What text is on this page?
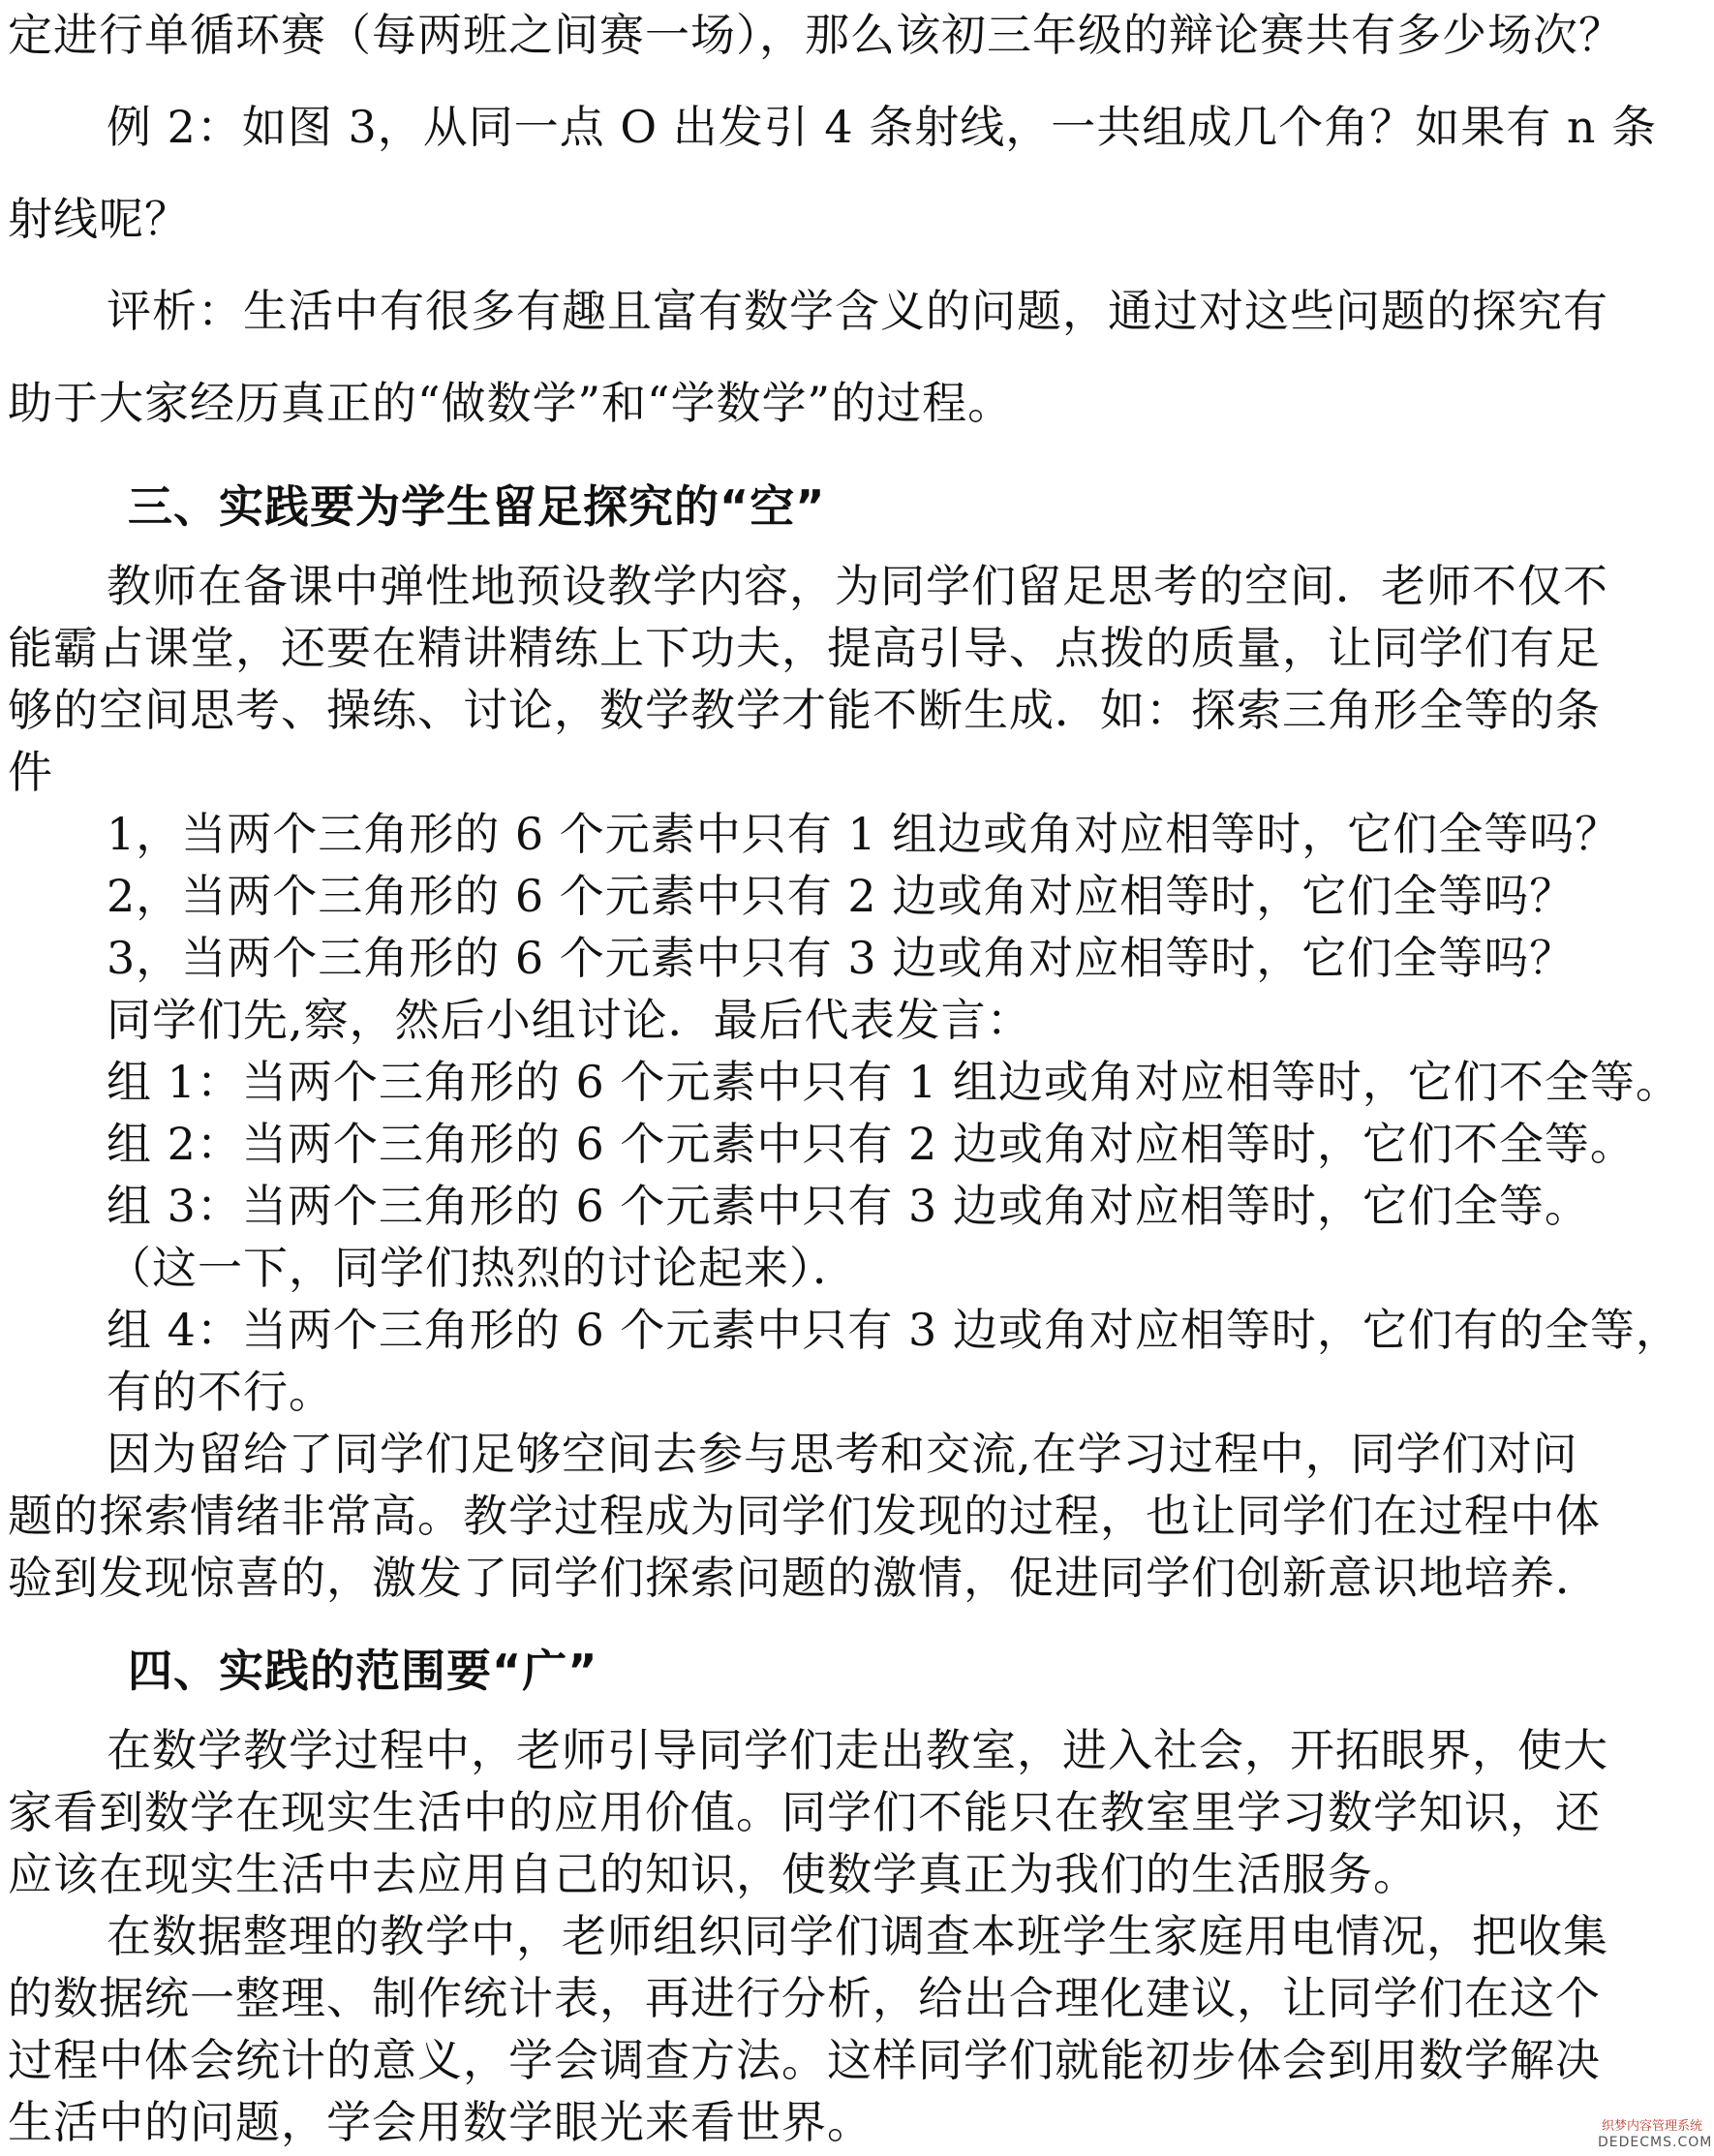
定进行单循环赛（每两班之间赛一场），那么该初三年级的辩论赛共有多少场次？
例 2：如图 3，从同一点 O 出发引 4 条射线，一共组成几个角？如果有 n 条
射线呢？
评析：生活中有很多有趣且富有数学含义的问题，通过对这些问题的探究有
助于大家经历真正的“做数学”和“学数学”的过程。
三、实践要为学生留足探究的“空”
教师在备课中弹性地预设教学内容，为同学们留足思考的空间．老师不仅不
能霸占课堂，还要在精讲精练上下功夫，提高引导、点拨的质量，让同学们有足
够的空间思考、操练、讨论，数学教学才能不断生成．如：探索三角形全等的条
件
1，当两个三角形的 6 个元素中只有 1 组边或角对应相等时，它们全等吗？
2，当两个三角形的 6 个元素中只有 2 边或角对应相等时，它们全等吗？
3，当两个三角形的 6 个元素中只有 3 边或角对应相等时，它们全等吗？
同学们先,察，然后小组讨论．最后代表发言：
组 1：当两个三角形的 6 个元素中只有 1 组边或角对应相等时，它们不全等。
组 2：当两个三角形的 6 个元素中只有 2 边或角对应相等时，它们不全等。
组 3：当两个三角形的 6 个元素中只有 3 边或角对应相等时，它们全等。
（这一下，同学们热烈的讨论起来）．
组 4：当两个三角形的 6 个元素中只有 3 边或角对应相等时，它们有的全等，
有的不行。
因为留给了同学们足够空间去参与思考和交流,在学习过程中，同学们对问
题的探索情绪非常高。教学过程成为同学们发现的过程，也让同学们在过程中体
验到发现惊喜的，激发了同学们探索问题的激情，促进同学们创新意识地培养．
四、实践的范围要“广”
在数学教学过程中，老师引导同学们走出教室，进入社会，开拓眼界，使大
家看到数学在现实生活中的应用价值。同学们不能只在教室里学习数学知识，还
应该在现实生活中去应用自己的知识，使数学真正为我们的生活服务。
在数据整理的教学中，老师组织同学们调查本班学生家庭用电情况，把收集
的数据统一整理、制作统计表，再进行分析，给出合理化建议，让同学们在这个
过程中体会统计的意义，学会调查方法。这样同学们就能初步体会到用数学解决
生活中的问题，学会用数学眼光来看世界。	织梦内容管理系统
DEDECMS.COM
